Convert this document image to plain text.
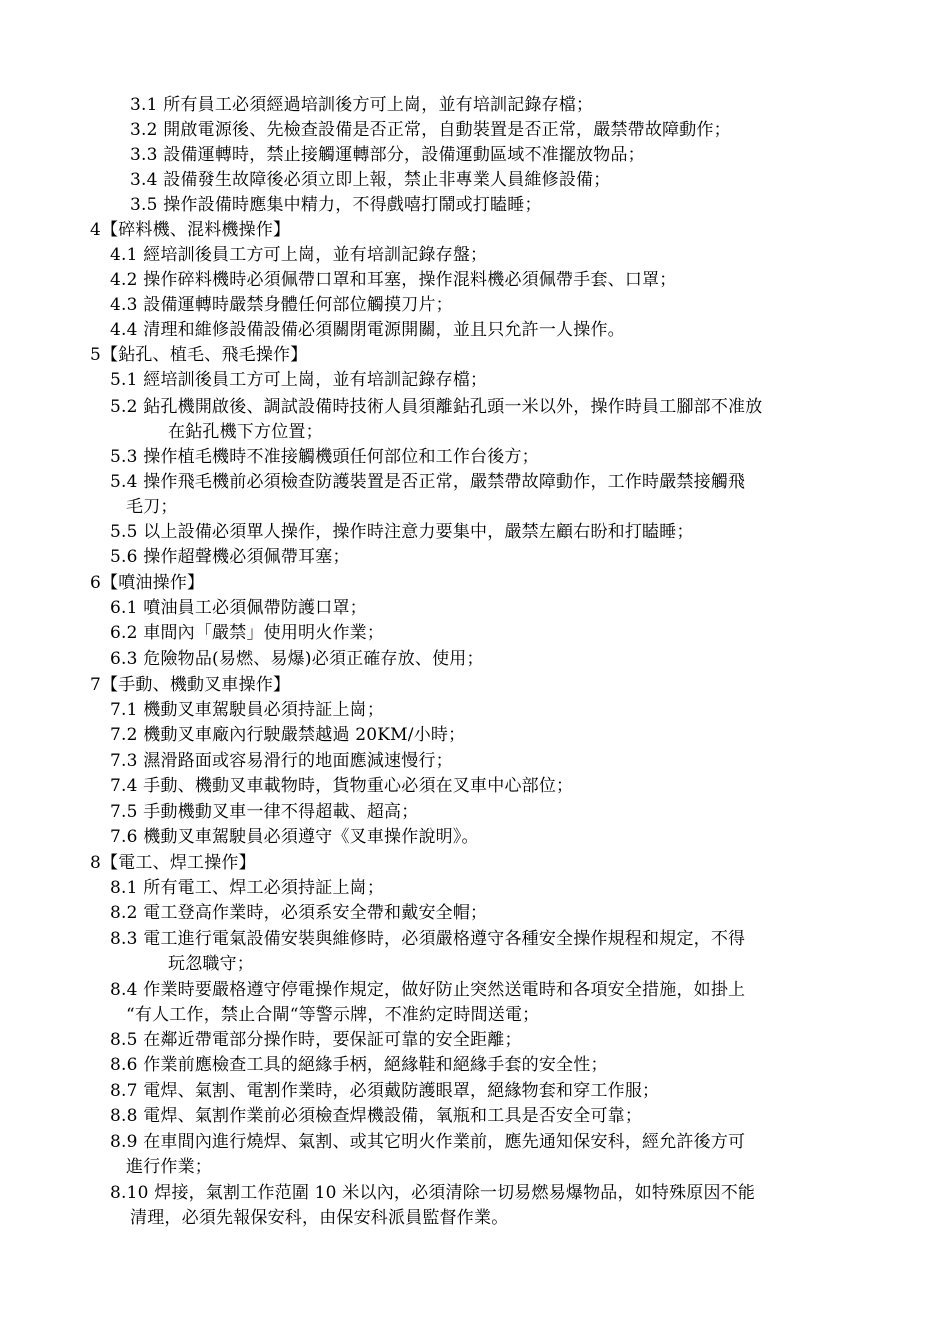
3.1 所有員工必須經過培訓後方可上崗，並有培訓記錄存檔；
3.2 開啟電源後、先檢查設備是否正常，自動裝置是否正常，嚴禁帶故障動作；
3.3 設備運轉時，禁止接觸運轉部分，設備運動區域不准擺放物品；
3.4 設備發生故障後必須立即上報，禁止非專業人員維修設備；
3.5 操作設備時應集中精力，不得戲嘻打鬧或打瞌睡；
4【碎料機、混料機操作】
4.1 經培訓後員工方可上崗，並有培訓記錄存盤；
4.2 操作碎料機時必須佩帶口罩和耳塞，操作混料機必須佩帶手套、口罩；
4.3 設備運轉時嚴禁身體任何部位觸摸刀片；
4.4 清理和維修設備設備必須關閉電源開關，並且只允許一人操作。
5【鉆孔、植毛、飛毛操作】
5.1 經培訓後員工方可上崗，並有培訓記錄存檔；
5.2 鉆孔機開啟後、調試設備時技術人員須離鉆孔頭一米以外，操作時員工腳部不准放
在鉆孔機下方位置；
5.3 操作植毛機時不准接觸機頭任何部位和工作台後方；
5.4 操作飛毛機前必須檢查防護裝置是否正常，嚴禁帶故障動作，工作時嚴禁接觸飛
毛刀；
5.5 以上設備必須單人操作，操作時注意力要集中，嚴禁左顧右盼和打瞌睡；
5.6 操作超聲機必須佩帶耳塞；
6【噴油操作】
6.1 噴油員工必須佩帶防護口罩；
6.2 車間內「嚴禁」使用明火作業；
6.3 危險物品(易燃、易爆)必須正確存放、使用；
7【手動、機動叉車操作】
7.1 機動叉車駕駛員必須持証上崗；
7.2 機動叉車廠內行駛嚴禁越過 20KM/小時；
7.3 濕滑路面或容易滑行的地面應減速慢行；
7.4 手動、機動叉車載物時，貨物重心必須在叉車中心部位；
7.5 手動機動叉車一律不得超載、超高；
7.6 機動叉車駕駛員必須遵守《叉車操作說明》。
8【電工、焊工操作】
8.1 所有電工、焊工必須持証上崗；
8.2 電工登高作業時，必須系安全帶和戴安全帽；
8.3 電工進行電氣設備安裝與維修時，必須嚴格遵守各種安全操作規程和規定，不得
玩忽職守；
8.4 作業時要嚴格遵守停電操作規定，做好防止突然送電時和各項安全措施，如掛上
“有人工作，禁止合閘“等警示牌，不准約定時間送電；
8.5 在鄰近帶電部分操作時，要保証可靠的安全距離；
8.6 作業前應檢查工具的絕緣手柄，絕緣鞋和絕緣手套的安全性；
8.7 電焊、氣割、電割作業時，必須戴防護眼罩，絕緣物套和穿工作服；
8.8 電焊、氣割作業前必須檢查焊機設備，氧瓶和工具是否安全可靠；
8.9 在車間內進行燒焊、氣割、或其它明火作業前，應先通知保安科，經允許後方可
進行作業；
8.10 焊接，氣割工作范圍 10 米以內，必須清除一切易燃易爆物品，如特殊原因不能
清理，必須先報保安科，由保安科派員監督作業。
